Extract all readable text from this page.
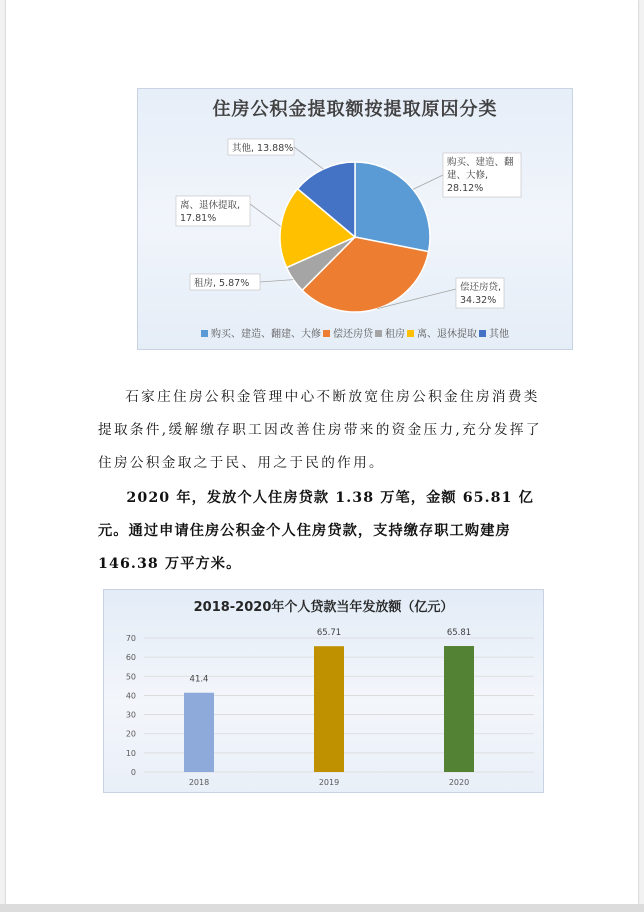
购买、建造、翻
建、大修,
28.12%
偿还房贷,
34.32%
租房, 5.87%
离、退休提取,
17.81%
其他, 13.88%
住房公积金提取额按提取原因分类
购买、建造、翻建、大修 偿还房贷 租房 离、退休提取 其他
石家庄住房公积金管理中心不断放宽住房公积金住房消费类提取条件,缓解缴存职工因改善住房带来的资金压力,充分发挥了住房公积金取之于民、用之于民的作用。
2020 年，发放个人住房贷款 1.38 万笔，金额 65.81 亿元。通过申请住房公积金个人住房贷款，支持缴存职工购建房 146.38 万平方米。
2018-2020年个人贷款当年发放额（亿元）
0
10
20
30
40
50
60
70
41.4
2018
65.71
2019
65.81
2020
